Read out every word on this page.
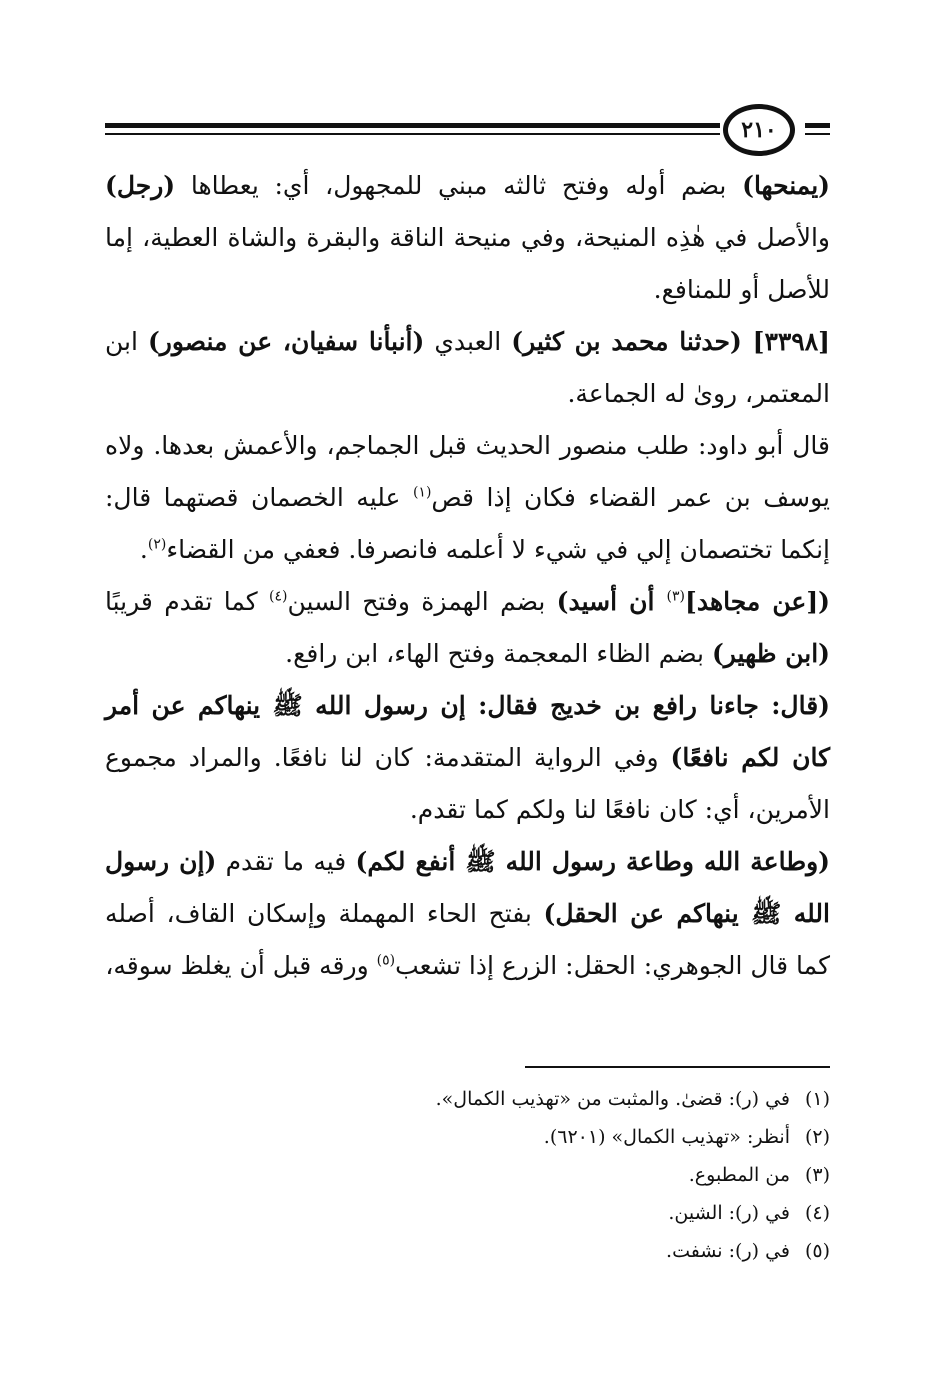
٢١٠

(يمنحها) بضم أوله وفتح ثالثه مبني للمجهول، أي: يعطاها (رجل) والأصل في هٰذِه المنيحة، وفي منيحة الناقة والبقرة والشاة العطية، إما للأصل أو للمنافع.

[٣٣٩٨] (حدثنا محمد بن كثير) العبدي (أنبأنا سفيان، عن منصور) ابن المعتمر، روىٰ له الجماعة.

قال أبو داود: طلب منصور الحديث قبل الجماجم، والأعمش بعدها. ولاه يوسف بن عمر القضاء فكان إذا قص$^{(١)}$ عليه الخصمان قصتهما قال: إنكما تختصمان إلي في شيء لا أعلمه فانصرفا. فعفي من القضاء$^{(٢)}$.

([عن مجاهد]$^{(٣)}$ أن أسيد) بضم الهمزة وفتح السين$^{(٤)}$ كما تقدم قريبًا (ابن ظهير) بضم الظاء المعجمة وفتح الهاء، ابن رافع.

(قال: جاءنا رافع بن خديج فقال: إن رسول الله ﷺ ينهاكم عن أمر كان لكم نافعًا) وفي الرواية المتقدمة: كان لنا نافعًا. والمراد مجموع الأمرين، أي: كان نافعًا لنا ولكم كما تقدم.

(وطاعة الله وطاعة رسول الله ﷺ أنفع لكم) فيه ما تقدم (إن رسول الله ﷺ ينهاكم عن الحقل) بفتح الحاء المهملة وإسكان القاف، أصله كما قال الجوهري: الحقل: الزرع إذا تشعب$^{(٥)}$ ورقه قبل أن يغلظ سوقه،

(١)في (ر): قضىٰ. والمثبت من «تهذيب الكمال».

(٢)أنظر: «تهذيب الكمال» (٦٢٠١).

(٣)من المطبوع.

(٤)في (ر): الشين.

(٥)في (ر): نشفت.
